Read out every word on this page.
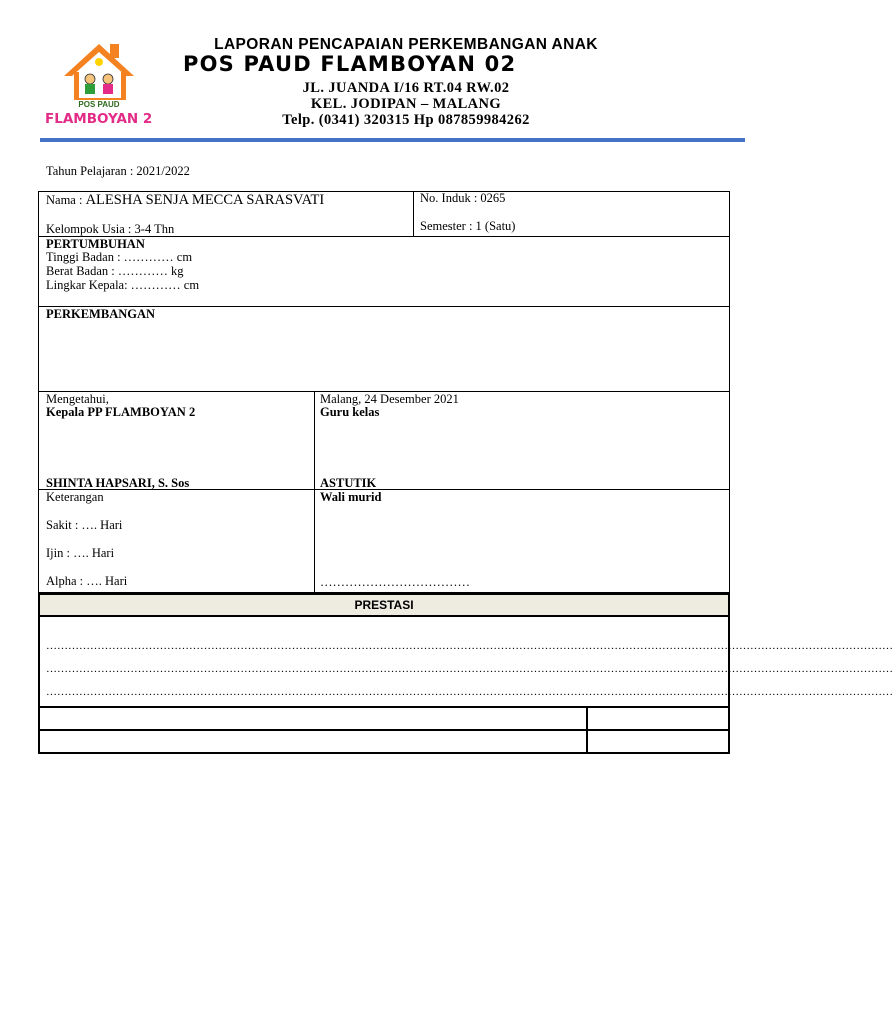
POS PAUD
FLAMBOYAN 2
LAPORAN PENCAPAIAN PERKEMBANGAN ANAK
POS PAUD FLAMBOYAN 02
JL. JUANDA I/16 RT.04 RW.02
KEL. JODIPAN – MALANG
Telp. (0341) 320315 Hp 087859984262
Tahun Pelajaran : 2021/2022
Nama : ALESHA SENJA MECCA SARASVATI	No. Induk : 0265
Kelompok Usia : 3-4 Thn	Semester : 1 (Satu)
PERTUMBUHAN
Tinggi Badan : ………… cm
Berat Badan : ………… kg
Lingkar Kepala: ………… cm
PERKEMBANGAN
Mengetahui,
Kepala PP FLAMBOYAN 2
SHINTA HAPSARI, S. Sos
Malang, 24 Desember 2021
Guru kelas
ASTUTIK
Wali murid
………………………………
Keterangan
Sakit : …. Hari
Ijin : …. Hari
Alpha : …. Hari
PRESTASI
……………………………………………………………………………………………………………………………………………………………………………………………………………
……………………………………………………………………………………………………………………………………………………………………………………………………………
……………………………………………………………………………………………………………………………………………………………………………………………………………
